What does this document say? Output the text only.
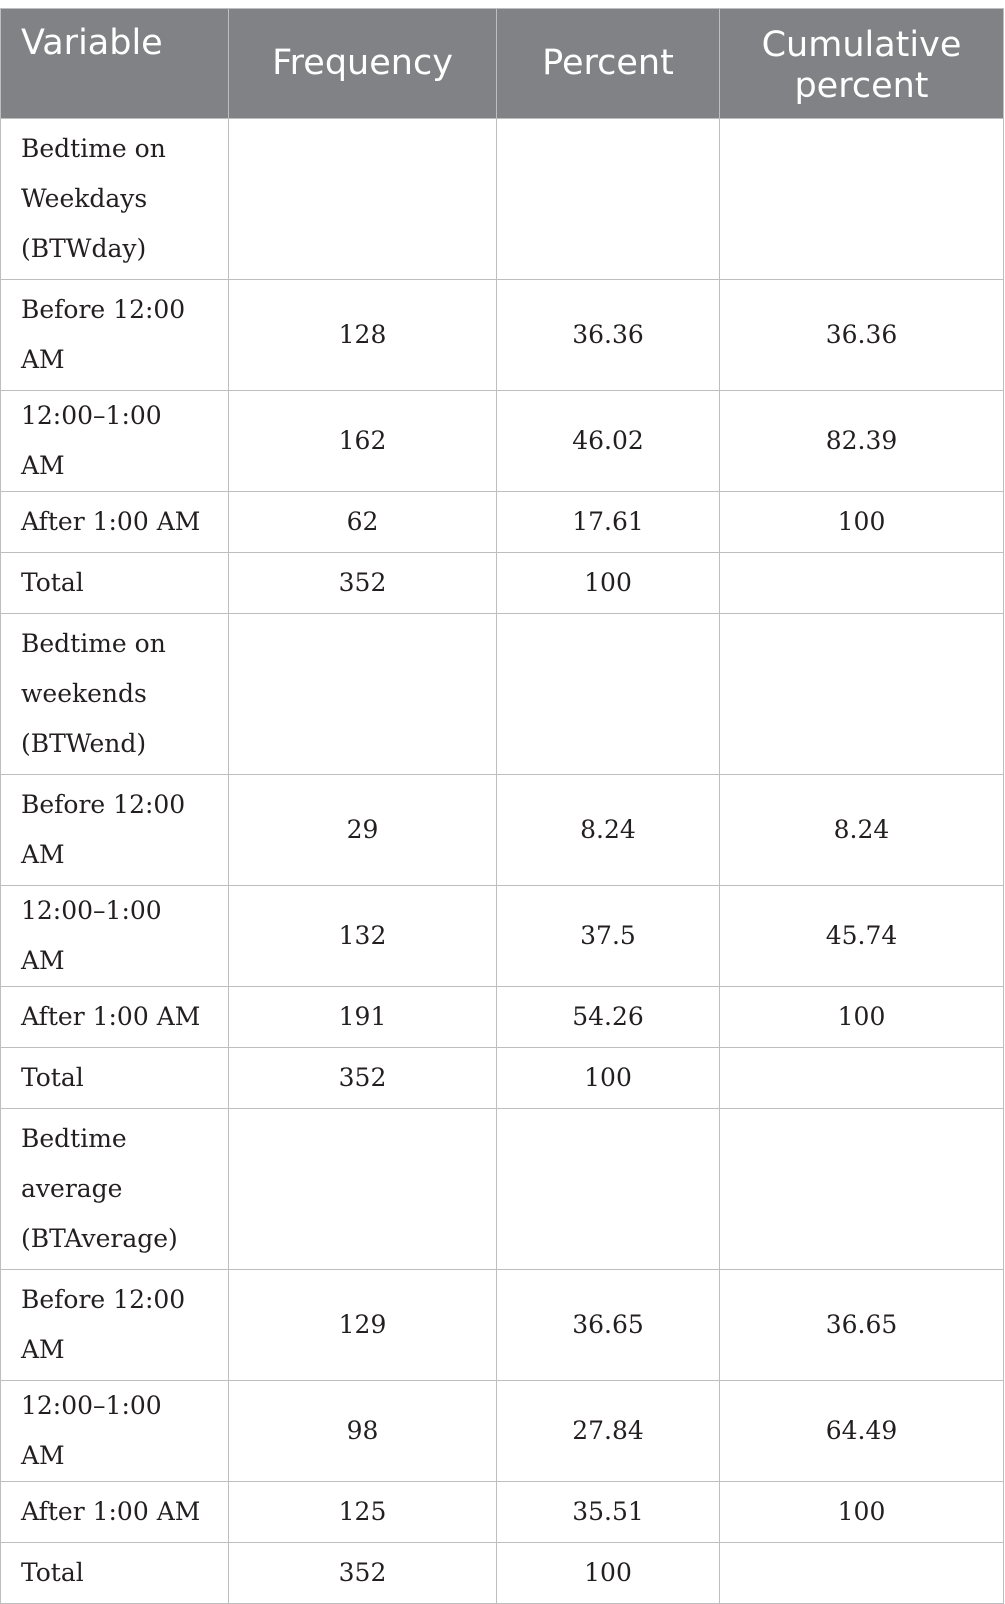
Variable	Frequency	Percent	Cumulative percent
Bedtime on Weekdays (BTWday)			
Before 12:00 AM	128	36.36	36.36
12:00–1:00 AM	162	46.02	82.39
After 1:00 AM	62	17.61	100
Total	352	100	
Bedtime on weekends (BTWend)			
Before 12:00 AM	29	8.24	8.24
12:00–1:00 AM	132	37.5	45.74
After 1:00 AM	191	54.26	100
Total	352	100	
Bedtime average (BTAverage)			
Before 12:00 AM	129	36.65	36.65
12:00–1:00 AM	98	27.84	64.49
After 1:00 AM	125	35.51	100
Total	352	100	
